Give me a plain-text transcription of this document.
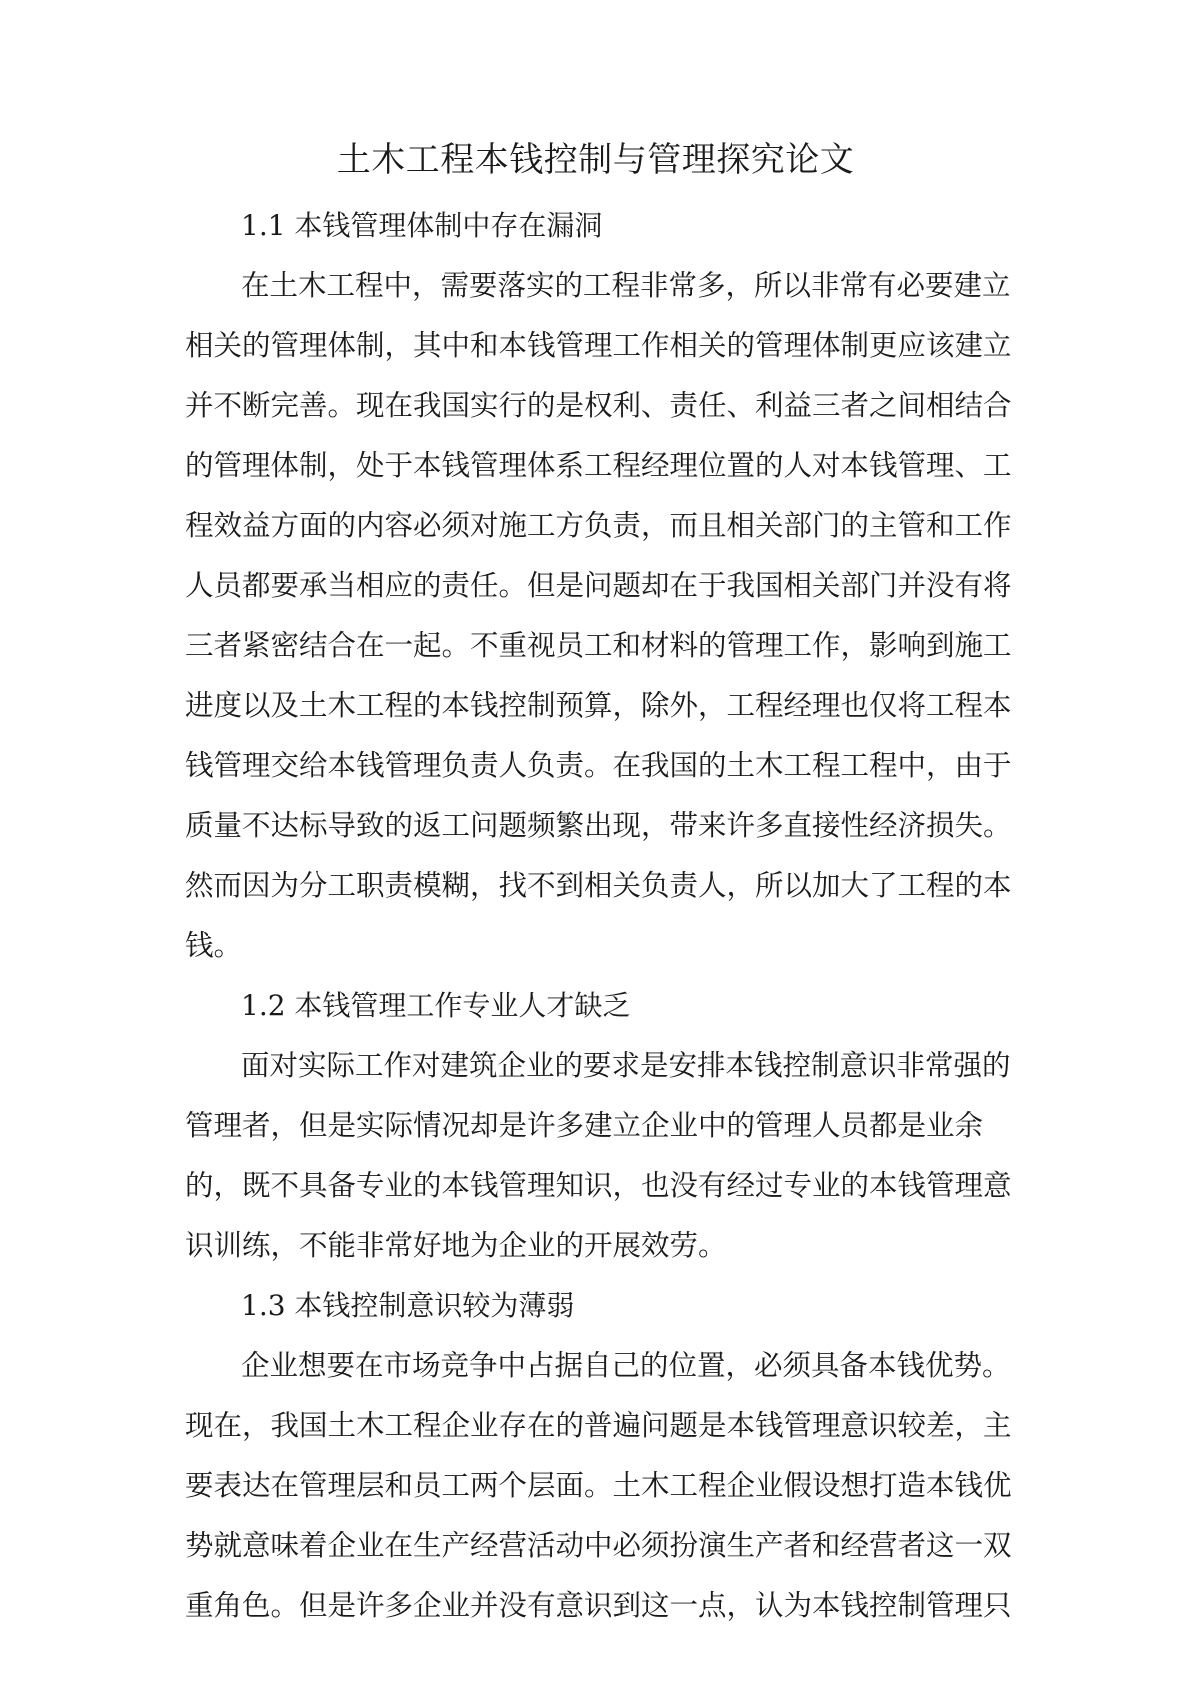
土木工程本钱控制与管理探究论文
1.1 本钱管理体制中存在漏洞
在土木工程中，需要落实的工程非常多，所以非常有必要建立
相关的管理体制，其中和本钱管理工作相关的管理体制更应该建立
并不断完善。现在我国实行的是权利、责任、利益三者之间相结合
的管理体制，处于本钱管理体系工程经理位置的人对本钱管理、工
程效益方面的内容必须对施工方负责，而且相关部门的主管和工作
人员都要承当相应的责任。但是问题却在于我国相关部门并没有将
三者紧密结合在一起。不重视员工和材料的管理工作，影响到施工
进度以及土木工程的本钱控制预算，除外，工程经理也仅将工程本
钱管理交给本钱管理负责人负责。在我国的土木工程工程中，由于
质量不达标导致的返工问题频繁出现，带来许多直接性经济损失。
然而因为分工职责模糊，找不到相关负责人，所以加大了工程的本
钱。
1.2 本钱管理工作专业人才缺乏
面对实际工作对建筑企业的要求是安排本钱控制意识非常强的
管理者，但是实际情况却是许多建立企业中的管理人员都是业余
的，既不具备专业的本钱管理知识，也没有经过专业的本钱管理意
识训练，不能非常好地为企业的开展效劳。
1.3 本钱控制意识较为薄弱
企业想要在市场竞争中占据自己的位置，必须具备本钱优势。
现在，我国土木工程企业存在的普遍问题是本钱管理意识较差，主
要表达在管理层和员工两个层面。土木工程企业假设想打造本钱优
势就意味着企业在生产经营活动中必须扮演生产者和经营者这一双
重角色。但是许多企业并没有意识到这一点，认为本钱控制管理只
